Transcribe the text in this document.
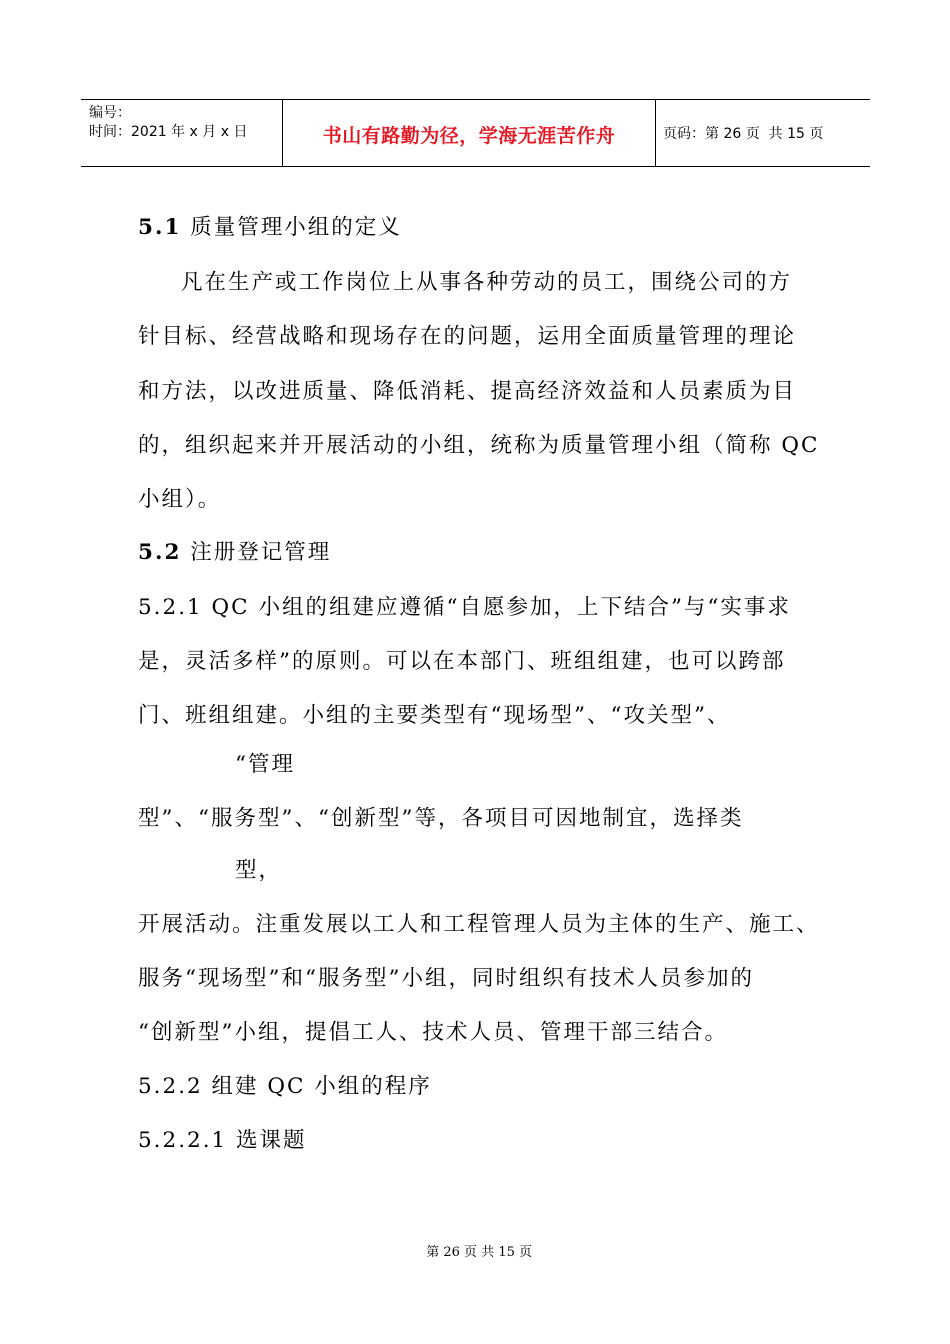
编号：
时间：2021 年 x 月 x 日	书山有路勤为径，学海无涯苦作舟	页码：第 26 页  共 15 页
5.1 质量管理小组的定义
凡在生产或工作岗位上从事各种劳动的员工，围绕公司的方
针目标、经营战略和现场存在的问题，运用全面质量管理的理论
和方法，以改进质量、降低消耗、提高经济效益和人员素质为目
的，组织起来并开展活动的小组，统称为质量管理小组（简称 QC
小组）。
5.2 注册登记管理
5.2.1 QC 小组的组建应遵循“自愿参加，上下结合”与“实事求
是，灵活多样”的原则。可以在本部门、班组组建，也可以跨部
门、班组组建。小组的主要类型有“现场型”、“攻关型”、
“管理
型”、“服务型”、“创新型”等，各项目可因地制宜，选择类
型，
开展活动。注重发展以工人和工程管理人员为主体的生产、施工、
服务“现场型”和“服务型”小组，同时组织有技术人员参加的
“创新型”小组，提倡工人、技术人员、管理干部三结合。
5.2.2 组建 QC 小组的程序
5.2.2.1 选课题

第 26 页 共 15 页
